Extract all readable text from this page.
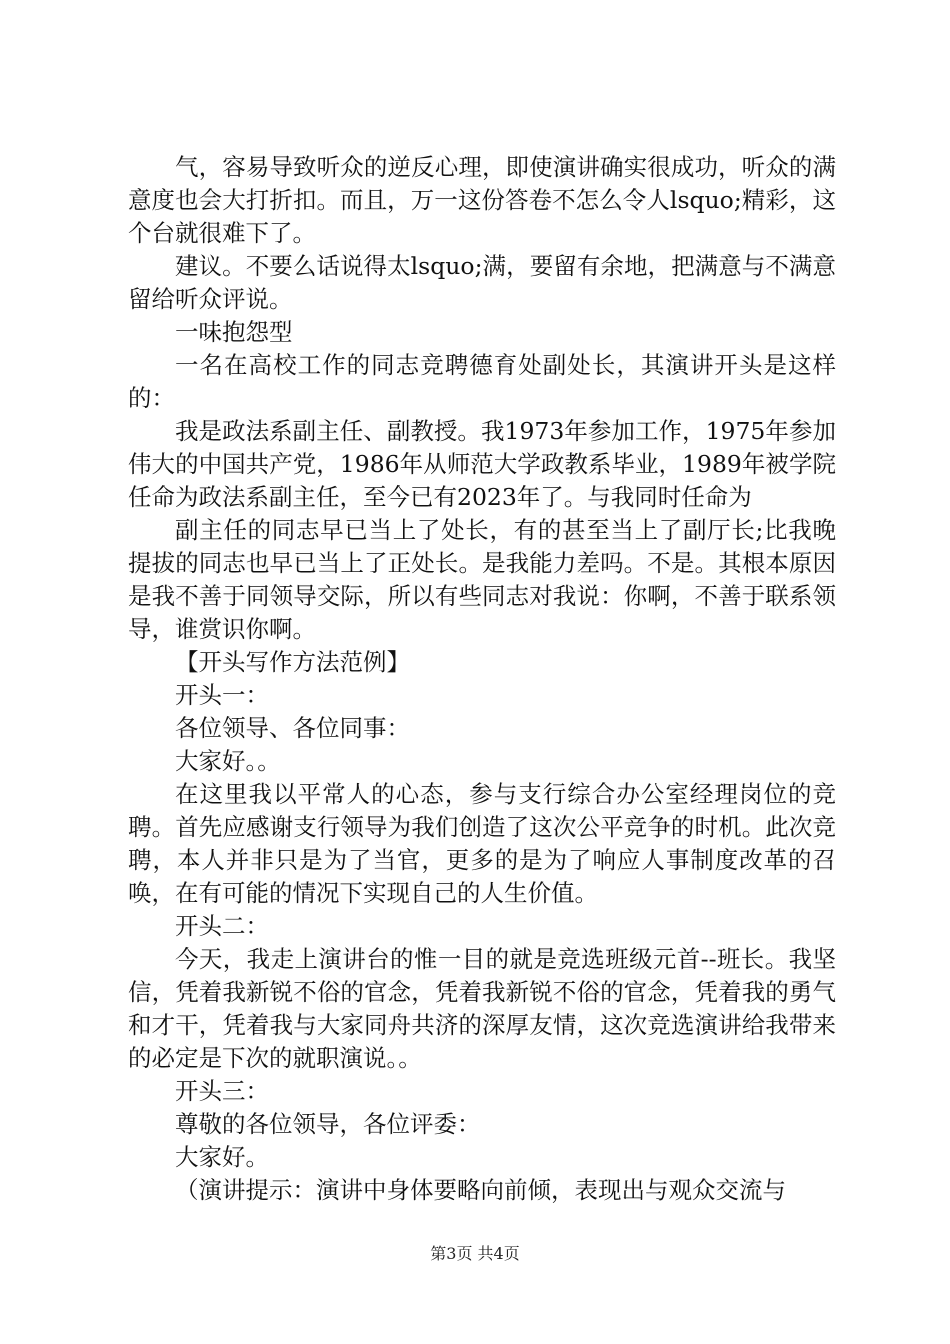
气，容易导致听众的逆反心理，即使演讲确实很成功，听众的满意度也会大打折扣。而且，万一这份答卷不怎么令人lsquo;精彩，这个台就很难下了。

建议。不要么话说得太lsquo;满，要留有余地，把满意与不满意留给听众评说。

一味抱怨型

一名在高校工作的同志竞聘德育处副处长，其演讲开头是这样的：

我是政法系副主任、副教授。我1973年参加工作，1975年参加伟大的中国共产党，1986年从师范大学政教系毕业，1989年被学院任命为政法系副主任，至今已有2023年了。与我同时任命为

副主任的同志早已当上了处长，有的甚至当上了副厅长;比我晚提拔的同志也早已当上了正处长。是我能力差吗。不是。其根本原因是我不善于同领导交际，所以有些同志对我说：你啊，不善于联系领导，谁赏识你啊。

【开头写作方法范例】

开头一：

各位领导、各位同事：

大家好。。

在这里我以平常人的心态，参与支行综合办公室经理岗位的竞聘。首先应感谢支行领导为我们创造了这次公平竞争的时机。此次竞聘，本人并非只是为了当官，更多的是为了响应人事制度改革的召唤，在有可能的情况下实现自己的人生价值。

开头二：

今天，我走上演讲台的惟一目的就是竞选班级元首--班长。我坚信，凭着我新锐不俗的官念，凭着我新锐不俗的官念，凭着我的勇气和才干，凭着我与大家同舟共济的深厚友情，这次竞选演讲给我带来的必定是下次的就职演说。。

开头三：

尊敬的各位领导，各位评委：

大家好。

（演讲提示：演讲中身体要略向前倾，表现出与观众交流与

第3页 共4页
